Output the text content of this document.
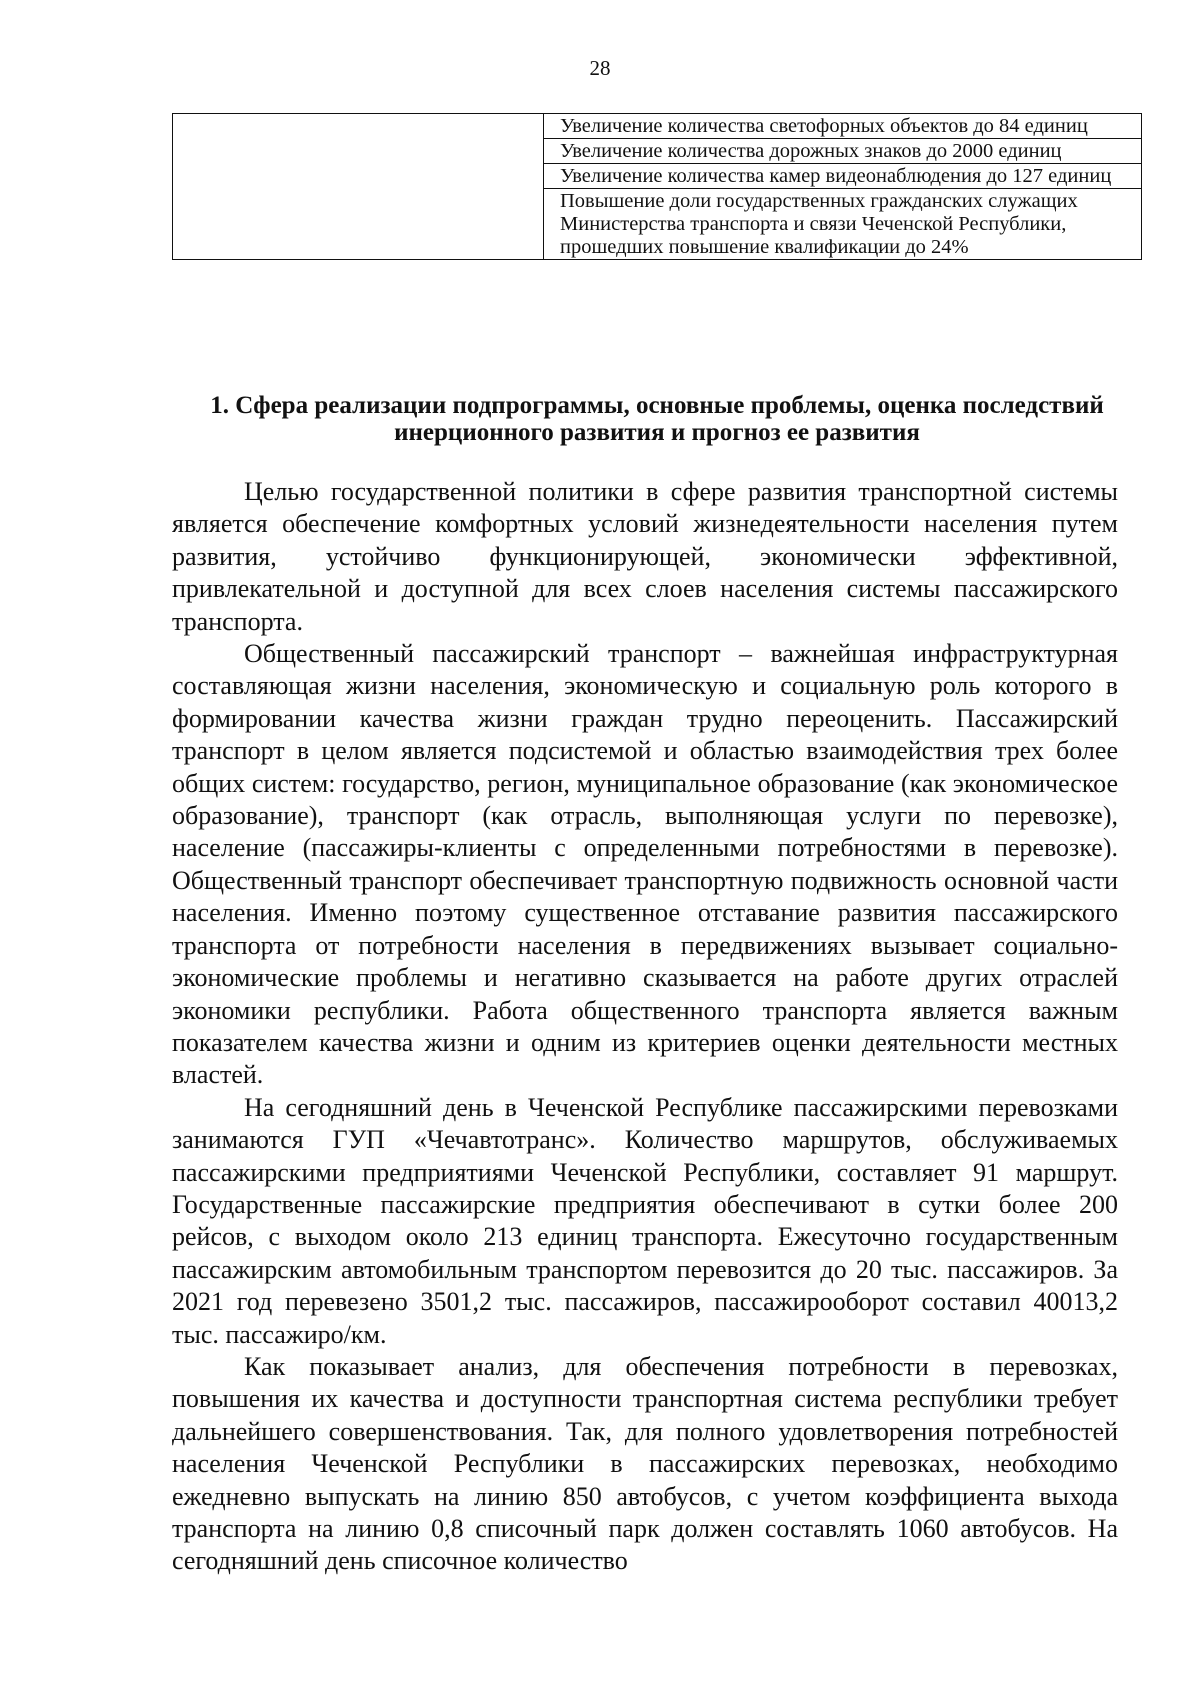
28
	Увеличение количества светофорных объектов до 84 единиц
Увеличение количества дорожных знаков до 2000 единиц
Увеличение количества камер видеонаблюдения до 127 единиц
Повышение доли государственных гражданских служащих Министерства транспорта и связи Чеченской Республики, прошедших повышение квалификации до 24%
1. Сфера реализации подпрограммы, основные проблемы, оценка последствий инерционного развития и прогноз ее развития

Целью государственной политики в сфере развития транспортной системы является обеспечение комфортных условий жизнедеятельности населения путем развития, устойчиво функционирующей, экономически эффективной, привлекательной и доступной для всех слоев населения системы пассажирского транспорта.

Общественный пассажирский транспорт – важнейшая инфраструктурная составляющая жизни населения, экономическую и социальную роль которого в формировании качества жизни граждан трудно переоценить. Пассажирский транспорт в целом является подсистемой и областью взаимодействия трех более общих систем: государство, регион, муниципальное образование (как экономическое образование), транспорт (как отрасль, выполняющая услуги по перевозке), население (пассажиры-клиенты с определенными потребностями в перевозке). Общественный транспорт обеспечивает транспортную подвижность основной части населения. Именно поэтому существенное отставание развития пассажирского транспорта от потребности населения в передвижениях вызывает социально-экономические проблемы и негативно сказывается на работе других отраслей экономики республики. Работа общественного транспорта является важным показателем качества жизни и одним из критериев оценки деятельности местных властей.

На сегодняшний день в Чеченской Республике пассажирскими перевозками занимаются ГУП «Чечавтотранс». Количество маршрутов, обслуживаемых пассажирскими предприятиями Чеченской Республики, составляет 91 маршрут. Государственные пассажирские предприятия обеспечивают в сутки более 200 рейсов, с выходом около 213 единиц транспорта. Ежесуточно государственным пассажирским автомобильным транспортом перевозится до 20 тыс. пассажиров. За 2021 год перевезено 3501,2 тыс. пассажиров, пассажирооборот составил 40013,2 тыс. пассажиро/км.

Как показывает анализ, для обеспечения потребности в перевозках, повышения их качества и доступности транспортная система республики требует дальнейшего совершенствования. Так, для полного удовлетворения потребностей населения Чеченской Республики в пассажирских перевозках, необходимо ежедневно выпускать на линию 850 автобусов, с учетом коэффициента выхода транспорта на линию 0,8 списочный парк должен составлять 1060 автобусов. На сегодняшний день списочное количество
